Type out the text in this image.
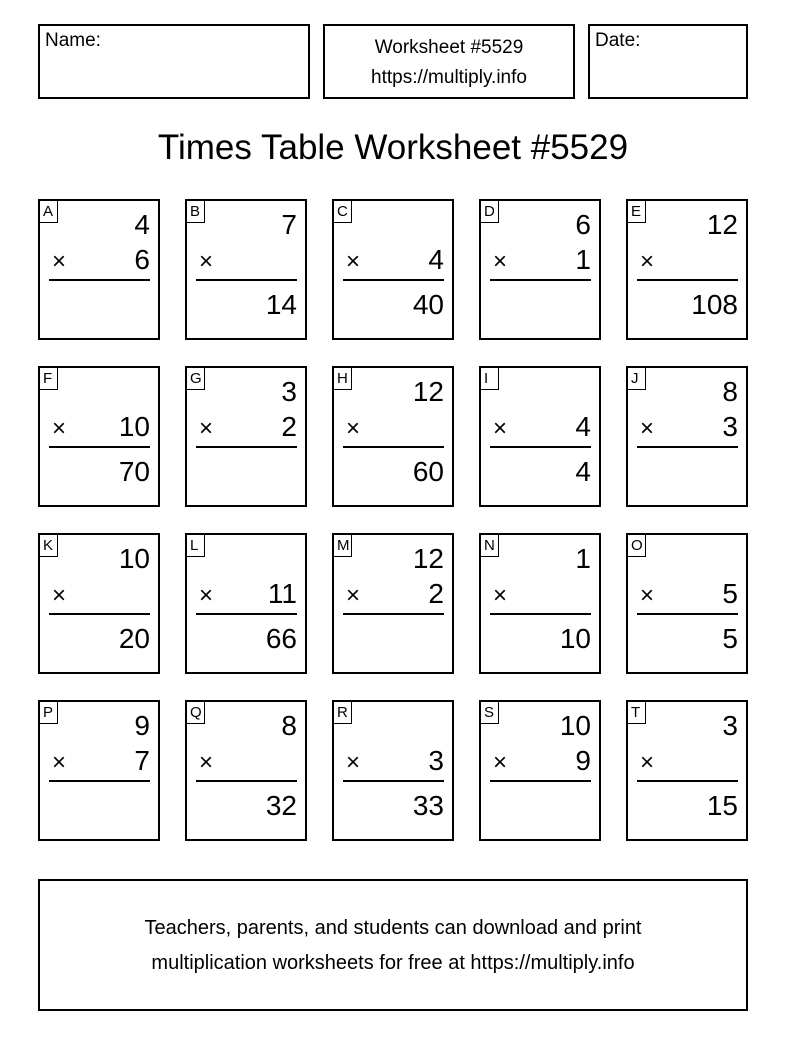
Name:	Worksheet #5529
https://multiply.info
Date:
Times Table Worksheet #5529
A	4
× 6
B	7
×
14
C
× 4
40
D	6
× 1
E 12
×
108
F
× 10
70
G	3
× 2
H 12
×
60
I
× 4
4
J	8
× 3
K 10
×
20
L
× 11
66
M 12
× 2
N	1
×
10
O
× 5
5
P	9
× 7
Q	8
×
32
R
× 3
33
S 10
× 9
T	3
×
15
Teachers, parents, and students can download and print
multiplication worksheets for free at https://multiply.info
